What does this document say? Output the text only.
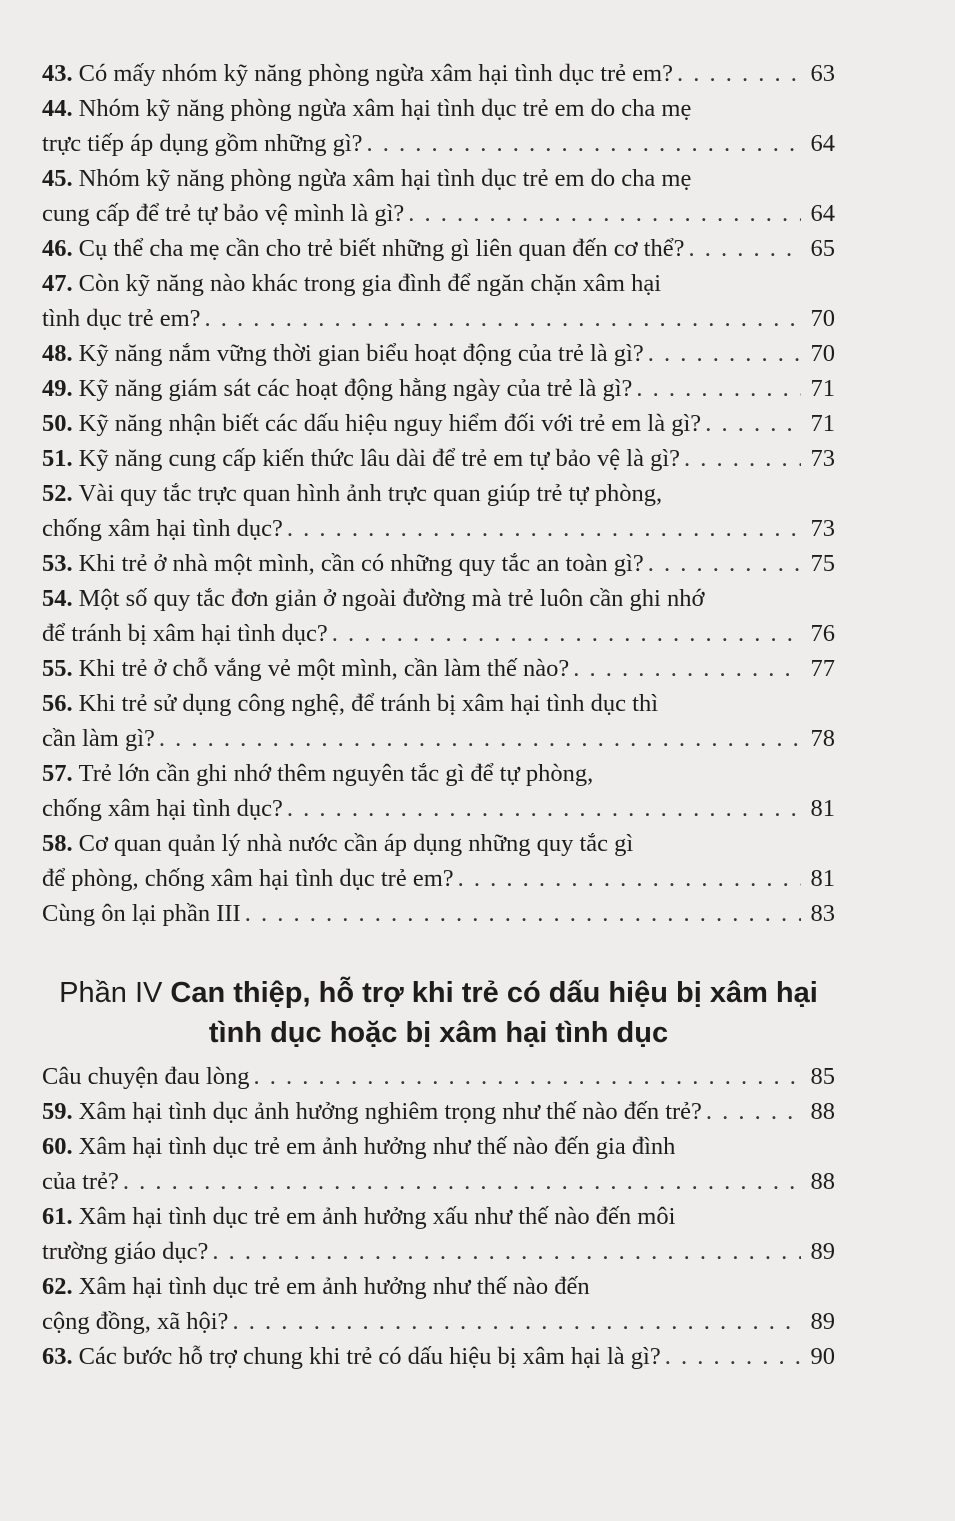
43. Có mấy nhóm kỹ năng phòng ngừa xâm hại tình dục trẻ em? . . .	63
44. Nhóm kỹ năng phòng ngừa xâm hại tình dục trẻ em do cha mẹ
trực tiếp áp dụng gồm những gì? . . .	64
45. Nhóm kỹ năng phòng ngừa xâm hại tình dục trẻ em do cha mẹ
cung cấp để trẻ tự bảo vệ mình là gì? . . .	64
46. Cụ thể cha mẹ cần cho trẻ biết những gì liên quan đến cơ thể? . . .	65
47. Còn kỹ năng nào khác trong gia đình để ngăn chặn xâm hại
tình dục trẻ em? . . .	70
48. Kỹ năng nắm vững thời gian biểu hoạt động của trẻ là gì? . . .	70
49. Kỹ năng giám sát các hoạt động hằng ngày của trẻ là gì? . . .	71
50. Kỹ năng nhận biết các dấu hiệu nguy hiểm đối với trẻ em là gì? . . .	71
51. Kỹ năng cung cấp kiến thức lâu dài để trẻ em tự bảo vệ là gì? . . .	73
52. Vài quy tắc trực quan hình ảnh trực quan giúp trẻ tự phòng,
chống xâm hại tình dục? . . .	73
53. Khi trẻ ở nhà một mình, cần có những quy tắc an toàn gì? . . .	75
54. Một số quy tắc đơn giản ở ngoài đường mà trẻ luôn cần ghi nhớ
để tránh bị xâm hại tình dục? . . .	76
55. Khi trẻ ở chỗ vắng vẻ một mình, cần làm thế nào? . . .	77
56. Khi trẻ sử dụng công nghệ, để tránh bị xâm hại tình dục thì
cần làm gì? . . .	78
57. Trẻ lớn cần ghi nhớ thêm nguyên tắc gì để tự phòng,
chống xâm hại tình dục? . . .	81
58. Cơ quan quản lý nhà nước cần áp dụng những quy tắc gì
để phòng, chống xâm hại tình dục trẻ em? . . .	81
Cùng ôn lại phần III . . .	83
Phần IV Can thiệp, hỗ trợ khi trẻ có dấu hiệu bị xâm hại
tình dục hoặc bị xâm hại tình dục
Câu chuyện đau lòng . . .	85
59. Xâm hại tình dục ảnh hưởng nghiêm trọng như thế nào đến trẻ? . . .	88
60. Xâm hại tình dục trẻ em ảnh hưởng như thế nào đến gia đình
của trẻ? . . .	88
61. Xâm hại tình dục trẻ em ảnh hưởng xấu như thế nào đến môi
trường giáo dục? . . .	89
62. Xâm hại tình dục trẻ em ảnh hưởng như thế nào đến
cộng đồng, xã hội? . . .	89
63. Các bước hỗ trợ chung khi trẻ có dấu hiệu bị xâm hại là gì? . . .	90
